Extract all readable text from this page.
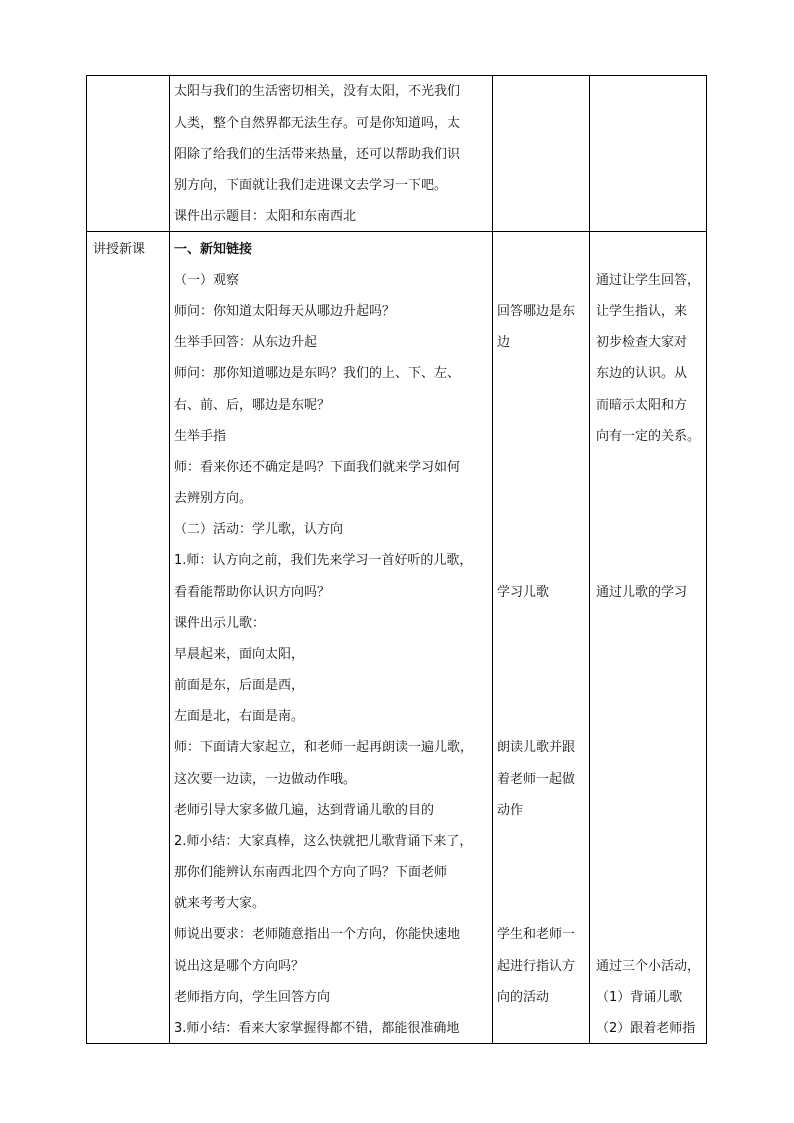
太阳与我们的生活密切相关，没有太阳，不光我们
人类，整个自然界都无法生存。可是你知道吗，太
阳除了给我们的生活带来热量，还可以帮助我们识
别方向，下面就让我们走进课文去学习一下吧。
课件出示题目：太阳和东南西北
讲授新课 一、新知链接
（一）观察
师问：你知道太阳每天从哪边升起吗？
生举手回答：从东边升起
师问：那你知道哪边是东吗？我们的上、下、左、
右、前、后，哪边是东呢？
生举手指
师：看来你还不确定是吗？下面我们就来学习如何
去辨别方向。
（二）活动：学儿歌，认方向
1.师：认方向之前，我们先来学习一首好听的儿歌，
看看能帮助你认识方向吗？
课件出示儿歌：
早晨起来，面向太阳，
前面是东，后面是西，
左面是北，右面是南。
师：下面请大家起立，和老师一起再朗读一遍儿歌，
这次要一边读，一边做动作哦。
老师引导大家多做几遍，达到背诵儿歌的目的
2.师小结：大家真棒，这么快就把儿歌背诵下来了，
那你们能辨认东南西北四个方向了吗？下面老师
就来考考大家。
师说出要求：老师随意指出一个方向，你能快速地
说出这是哪个方向吗？
老师指方向，学生回答方向
3.师小结：看来大家掌握得都不错，都能很准确地
回答哪边是东
边
学习儿歌
朗读儿歌并跟
着老师一起做
动作
学生和老师一
起进行指认方
向的活动
通过让学生回答，
让学生指认，来
初步检查大家对
东边的认识。从
而暗示太阳和方
向有一定的关系。
通过儿歌的学习
通过三个小活动，
（1）背诵儿歌
（2）跟着老师指
